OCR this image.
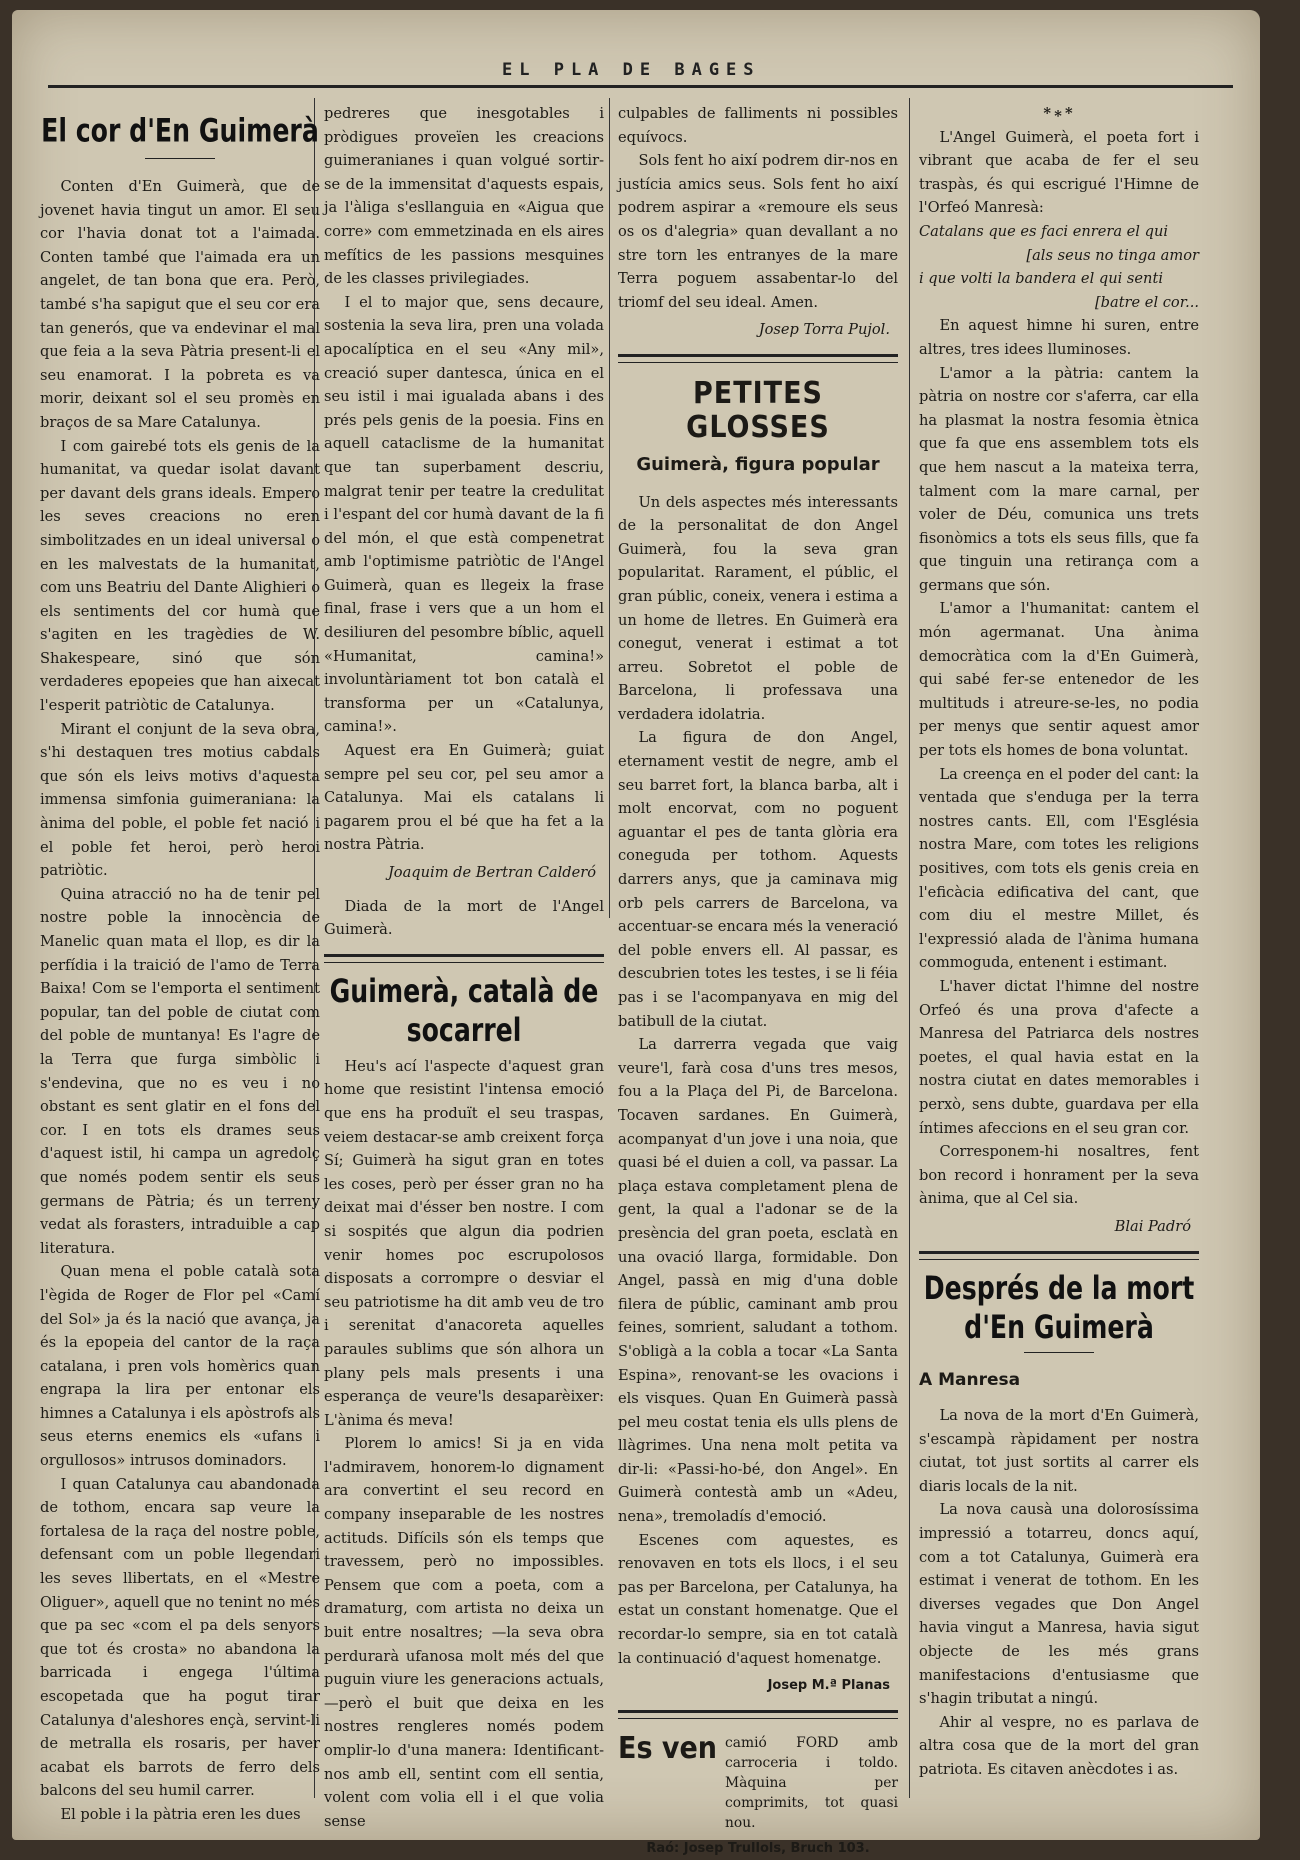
EL PLA DE BAGES
El cor d'En Guimerà

Conten d'En Guimerà, que de jovenet havia tingut un amor. El seu cor l'havia donat tot a l'aimada. Conten també que l'aimada era un angelet, de tan bona que era. Però, també s'ha sapigut que el seu cor era tan generós, que va endevinar el mal que feia a la seva Pàtria present-li el seu enamorat. I la pobreta es va morir, deixant sol el seu promès en braços de sa Mare Catalunya.

I com gairebé tots els genis de la humanitat, va quedar isolat davant per davant dels grans ideals. Empero les seves creacions no eren simbolitzades en un ideal universal o en les malvestats de la humanitat, com uns Beatriu del Dante Alighieri o els sentiments del cor humà que s'agiten en les tragèdies de W. Shakespeare, sinó que són verdaderes epopeies que han aixecat l'esperit patriòtic de Catalunya.

Mirant el conjunt de la seva obra, s'hi destaquen tres motius cabdals que són els leivs motivs d'aquesta immensa simfonia guimeraniana: la ànima del poble, el poble fet nació i el poble fet heroi, però heroi patriòtic.

Quina atracció no ha de tenir pel nostre poble la innocència de Manelic quan mata el llop, es dir la perfídia i la traició de l'amo de Terra Baixa! Com se l'emporta el sentiment popular, tan del poble de ciutat com del poble de muntanya! Es l'agre de la Terra que furga simbòlic i s'endevina, que no es veu i no obstant es sent glatir en el fons del cor. I en tots els drames seus d'aquest istil, hi campa un agredolç que només podem sentir els seus germans de Pàtria; és un terreny vedat als forasters, intraduible a cap literatura.

Quan mena el poble català sota l'ègida de Roger de Flor pel «Camí del Sol» ja és la nació que avança, ja és la epopeia del cantor de la raça catalana, i pren vols homèrics quan engrapa la lira per entonar els himnes a Catalunya i els apòstrofs als seus eterns enemics els «ufans i orgullosos» intrusos dominadors.

I quan Catalunya cau abandonada de tothom, encara sap veure la fortalesa de la raça del nostre poble, defensant com un poble llegendari les seves llibertats, en el «Mestre Oliguer», aquell que no tenint no més que pa sec «com el pa dels senyors que tot és crosta» no abandona la barricada i engega l'última escopetada que ha pogut tirar Catalunya d'aleshores ençà, servint-li de metralla els rosaris, per haver acabat els barrots de ferro dels balcons del seu humil carrer.

El poble i la pàtria eren les dues

pedreres que inesgotables i pròdigues proveïen les creacions guimeranianes i quan volgué sortir-se de la immensitat d'aquests espais, ja l'àliga s'esllanguia en «Aigua que corre» com emmetzinada en els aires mefítics de les passions mesquines de les classes privilegiades.

I el to major que, sens decaure, sostenia la seva lira, pren una volada apocalíptica en el seu «Any mil», creació super dantesca, única en el seu istil i mai igualada abans i des prés pels genis de la poesia. Fins en aquell cataclisme de la humanitat que tan superbament descriu, malgrat tenir per teatre la credulitat i l'espant del cor humà davant de la fi del món, el que està compenetrat amb l'optimisme patriòtic de l'Angel Guimerà, quan es llegeix la frase final, frase i vers que a un hom el desiliuren del pesombre bíblic, aquell «Humanitat, camina!» involuntàriament tot bon català el transforma per un «Catalunya, camina!».

Aquest era En Guimerà; guiat sempre pel seu cor, pel seu amor a Catalunya. Mai els catalans li pagarem prou el bé que ha fet a la nostra Pàtria.

Joaquim de Bertran Calderó

Diada de la mort de l'Angel Guimerà.

Guimerà, català de socarrel

Heu's ací l'aspecte d'aquest gran home que resistint l'intensa emoció que ens ha produït el seu traspas, veiem destacar-se amb creixent força Sí; Guimerà ha sigut gran en totes les coses, però per ésser gran no ha deixat mai d'ésser ben nostre. I com si sospités que algun dia podrien venir homes poc escrupolosos disposats a corrompre o desviar el seu patriotisme ha dit amb veu de tro i serenitat d'anacoreta aquelles paraules sublims que són alhora un plany pels mals presents i una esperança de veure'ls desaparèixer: L'ànima és meva!

Plorem lo amics! Si ja en vida l'admiravem, honorem-lo dignament ara convertint el seu record en company inseparable de les nostres actituds. Difícils són els temps que travessem, però no impossibles. Pensem que com a poeta, com a dramaturg, com artista no deixa un buit entre nosaltres; —la seva obra perdurarà ufanosa molt més del que puguin viure les generacions actuals, —però el buit que deixa en les nostres rengleres només podem omplir-lo d'una manera: Identificant-nos amb ell, sentint com ell sentia, volent com volia ell i el que volia sense

culpables de falliments ni possibles equívocs.

Sols fent ho així podrem dir-nos en justícia amics seus. Sols fent ho així podrem aspirar a «remoure els seus os os d'alegria» quan devallant a no stre torn les entranyes de la mare Terra poguem assabentar-lo del triomf del seu ideal. Amen.

Josep Torra Pujol.
PETITES GLOSSES
Guimerà, figura popular

Un dels aspectes més interessants de la personalitat de don Angel Guimerà, fou la seva gran popularitat. Rarament, el públic, el gran públic, coneix, venera i estima a un home de lletres. En Guimerà era conegut, venerat i estimat a tot arreu. Sobretot el poble de Barcelona, li professava una verdadera idolatria.

La figura de don Angel, eternament vestit de negre, amb el seu barret fort, la blanca barba, alt i molt encorvat, com no poguent aguantar el pes de tanta glòria era coneguda per tothom. Aquests darrers anys, que ja caminava mig orb pels carrers de Barcelona, va accentuar-se encara més la veneració del poble envers ell. Al passar, es descubrien totes les testes, i se li féia pas i se l'acompanyava en mig del batibull de la ciutat.

La darrerra vegada que vaig veure'l, farà cosa d'uns tres mesos, fou a la Plaça del Pi, de Barcelona. Tocaven sardanes. En Guimerà, acompanyat d'un jove i una noia, que quasi bé el duien a coll, va passar. La plaça estava completament plena de gent, la qual a l'adonar se de la presència del gran poeta, esclatà en una ovació llarga, formidable. Don Angel, passà en mig d'una doble filera de públic, caminant amb prou feines, somrient, saludant a tothom. S'obligà a la cobla a tocar «La Santa Espina», renovant-se les ovacions i els visques. Quan En Guimerà passà pel meu costat tenia els ulls plens de llàgrimes. Una nena molt petita va dir-li: «Passi-ho-bé, don Angel». En Guimerà contestà amb un «Adeu, nena», tremoladís d'emoció.

Escenes com aquestes, es renovaven en tots els llocs, i el seu pas per Barcelona, per Catalunya, ha estat un constant homenatge. Que el recordar-lo sempre, sia en tot català la continuació d'aquest homenatge.

Josep M.ª Planas
Es ven camió FORD amb carroceria i toldo. Màquina per comprimits, tot quasi nou.
Raó: Josep Trullols, Bruch 103.
*∗*

L'Angel Guimerà, el poeta fort i vibrant que acaba de fer el seu traspàs, és qui escrigué l'Himne de l'Orfeó Manresà:

Catalans que es faci enrera el qui
[als seus no tinga amor
i que volti la bandera el qui senti
[batre el cor...

En aquest himne hi suren, entre altres, tres idees lluminoses.

L'amor a la pàtria: cantem la pàtria on nostre cor s'aferra, car ella ha plasmat la nostra fesomia ètnica que fa que ens assemblem tots els que hem nascut a la mateixa terra, talment com la mare carnal, per voler de Déu, comunica uns trets fisonòmics a tots els seus fills, que fa que tinguin una retirança com a germans que són.

L'amor a l'humanitat: cantem el món agermanat. Una ànima democràtica com la d'En Guimerà, qui sabé fer-se entenedor de les multituds i atreure-se-les, no podia per menys que sentir aquest amor per tots els homes de bona voluntat.

La creença en el poder del cant: la ventada que s'enduga per la terra nostres cants. Ell, com l'Església nostra Mare, com totes les religions positives, com tots els genis creia en l'eficàcia edificativa del cant, que com diu el mestre Millet, és l'expressió alada de l'ànima humana commoguda, entenent i estimant.

L'haver dictat l'himne del nostre Orfeó és una prova d'afecte a Manresa del Patriarca dels nostres poetes, el qual havia estat en la nostra ciutat en dates memorables i perxò, sens dubte, guardava per ella íntimes afeccions en el seu gran cor.

Corresponem-hi nosaltres, fent bon record i honrament per la seva ànima, que al Cel sia.

Blai Padró
Després de la mort d'En Guimerà
A Manresa

La nova de la mort d'En Guimerà, s'escampà ràpidament per nostra ciutat, tot just sortits al carrer els diaris locals de la nit.

La nova causà una dolorosíssima impressió a totarreu, doncs aquí, com a tot Catalunya, Guimerà era estimat i venerat de tothom. En les diverses vegades que Don Angel havia vingut a Manresa, havia sigut objecte de les més grans manifestacions d'entusiasme que s'hagin tributat a ningú.

Ahir al vespre, no es parlava de altra cosa que de la mort del gran patriota. Es citaven anècdotes i as.
